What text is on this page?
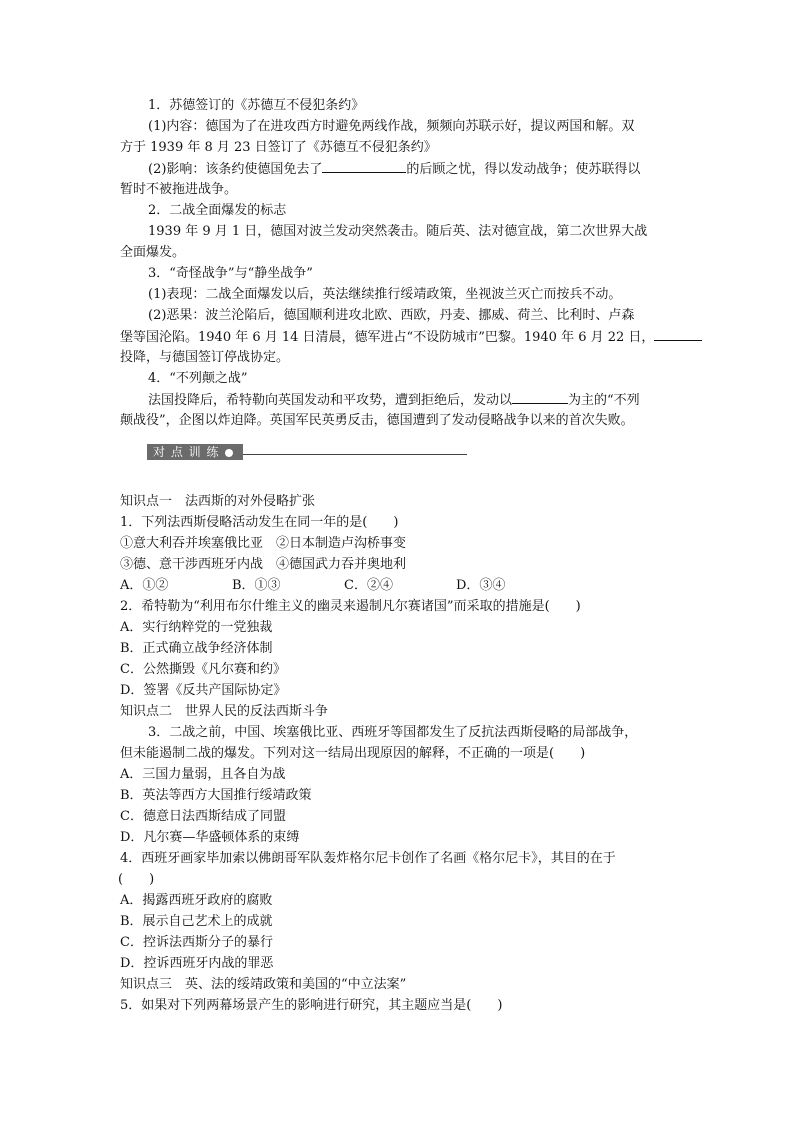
1．苏德签订的《苏德互不侵犯条约》
(1)内容：德国为了在进攻西方时避免两线作战，频频向苏联示好，提议两国和解。双
方于 1939 年 8 月 23 日签订了《苏德互不侵犯条约》
(2)影响：该条约使德国免去了	的后顾之忧，得以发动战争；使苏联得以
暂时不被拖进战争。
2．二战全面爆发的标志
1939 年 9 月 1 日，德国对波兰发动突然袭击。随后英、法对德宣战，第二次世界大战
全面爆发。
3．“奇怪战争”与“静坐战争”
(1)表现：二战全面爆发以后，英法继续推行绥靖政策，坐视波兰灭亡而按兵不动。
(2)恶果：波兰沦陷后，德国顺利进攻北欧、西欧，丹麦、挪威、荷兰、比利时、卢森
堡等国沦陷。1940 年 6 月 14 日清晨，德军进占“不设防城市”巴黎。1940 年 6 月 22 日，
投降，与德国签订停战协定。
4．“不列颠之战”
法国投降后，希特勒向英国发动和平攻势，遭到拒绝后，发动以	为主的“不列
颠战役”，企图以炸迫降。英国军民英勇反击，德国遭到了发动侵略战争以来的首次失败。
对 点 训 练
知识点一　法西斯的对外侵略扩张
1．下列法西斯侵略活动发生在同一年的是(　　)
①意大利吞并埃塞俄比亚　②日本制造卢沟桥事变
③德、意干涉西班牙内战　④德国武力吞并奥地利
A．①②	B．①③	C．②④	D．③④
2．希特勒为“利用布尔什维主义的幽灵来遏制凡尔赛诸国”而采取的措施是(　　)
A．实行纳粹党的一党独裁
B．正式确立战争经济体制
C．公然撕毁《凡尔赛和约》
D．签署《反共产国际协定》
知识点二　世界人民的反法西斯斗争
3．二战之前，中国、埃塞俄比亚、西班牙等国都发生了反抗法西斯侵略的局部战争，
但未能遏制二战的爆发。下列对这一结局出现原因的解释，不正确的一项是(　　)
A．三国力量弱，且各自为战
B．英法等西方大国推行绥靖政策
C．德意日法西斯结成了同盟
D．凡尔赛—华盛顿体系的束缚
4．西班牙画家毕加索以佛朗哥军队轰炸格尔尼卡创作了名画《格尔尼卡》，其目的在于
(　　)
A．揭露西班牙政府的腐败
B．展示自己艺术上的成就
C．控诉法西斯分子的暴行
D．控诉西班牙内战的罪恶
知识点三　英、法的绥靖政策和美国的“中立法案”
5．如果对下列两幕场景产生的影响进行研究，其主题应当是(　　)
